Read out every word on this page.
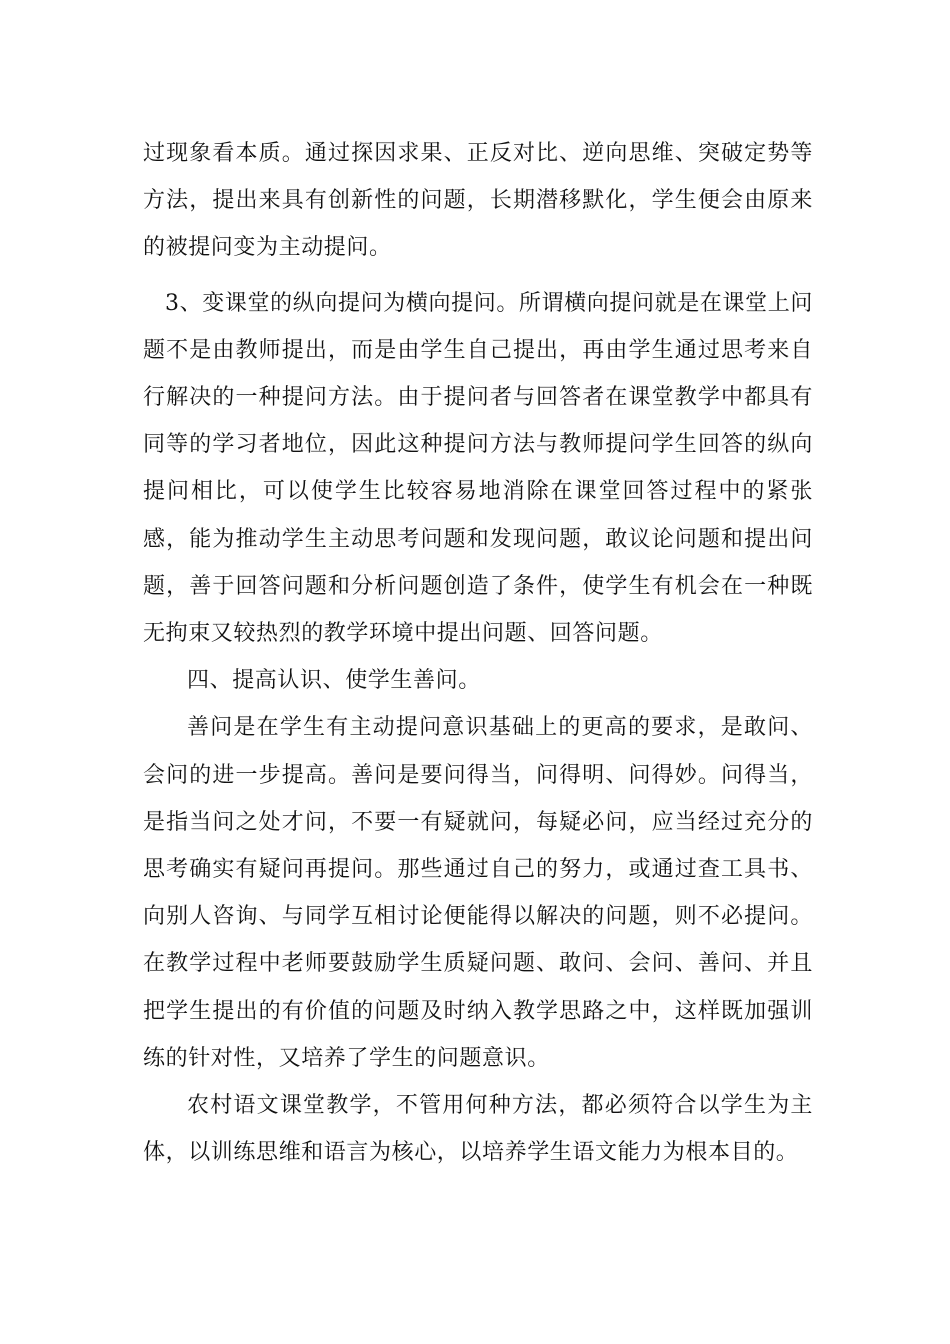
过现象看本质。通过探因求果、正反对比、逆向思维、突破定势等方法，提出来具有创新性的问题，长期潜移默化，学生便会由原来的被提问变为主动提问。

3、变课堂的纵向提问为横向提问。所谓横向提问就是在课堂上问题不是由教师提出，而是由学生自己提出，再由学生通过思考来自行解决的一种提问方法。由于提问者与回答者在课堂教学中都具有同等的学习者地位，因此这种提问方法与教师提问学生回答的纵向提问相比，可以使学生比较容易地消除在课堂回答过程中的紧张感，能为推动学生主动思考问题和发现问题，敢议论问题和提出问题，善于回答问题和分析问题创造了条件，使学生有机会在一种既无拘束又较热烈的教学环境中提出问题、回答问题。

四、提高认识、使学生善问。

善问是在学生有主动提问意识基础上的更高的要求，是敢问、会问的进一步提高。善问是要问得当，问得明、问得妙。问得当，是指当问之处才问，不要一有疑就问，每疑必问，应当经过充分的思考确实有疑问再提问。那些通过自己的努力，或通过查工具书、向别人咨询、与同学互相讨论便能得以解决的问题，则不必提问。在教学过程中老师要鼓励学生质疑问题、敢问、会问、善问、并且把学生提出的有价值的问题及时纳入教学思路之中，这样既加强训练的针对性，又培养了学生的问题意识。

农村语文课堂教学，不管用何种方法，都必须符合以学生为主体，以训练思维和语言为核心，以培养学生语文能力为根本目的。
